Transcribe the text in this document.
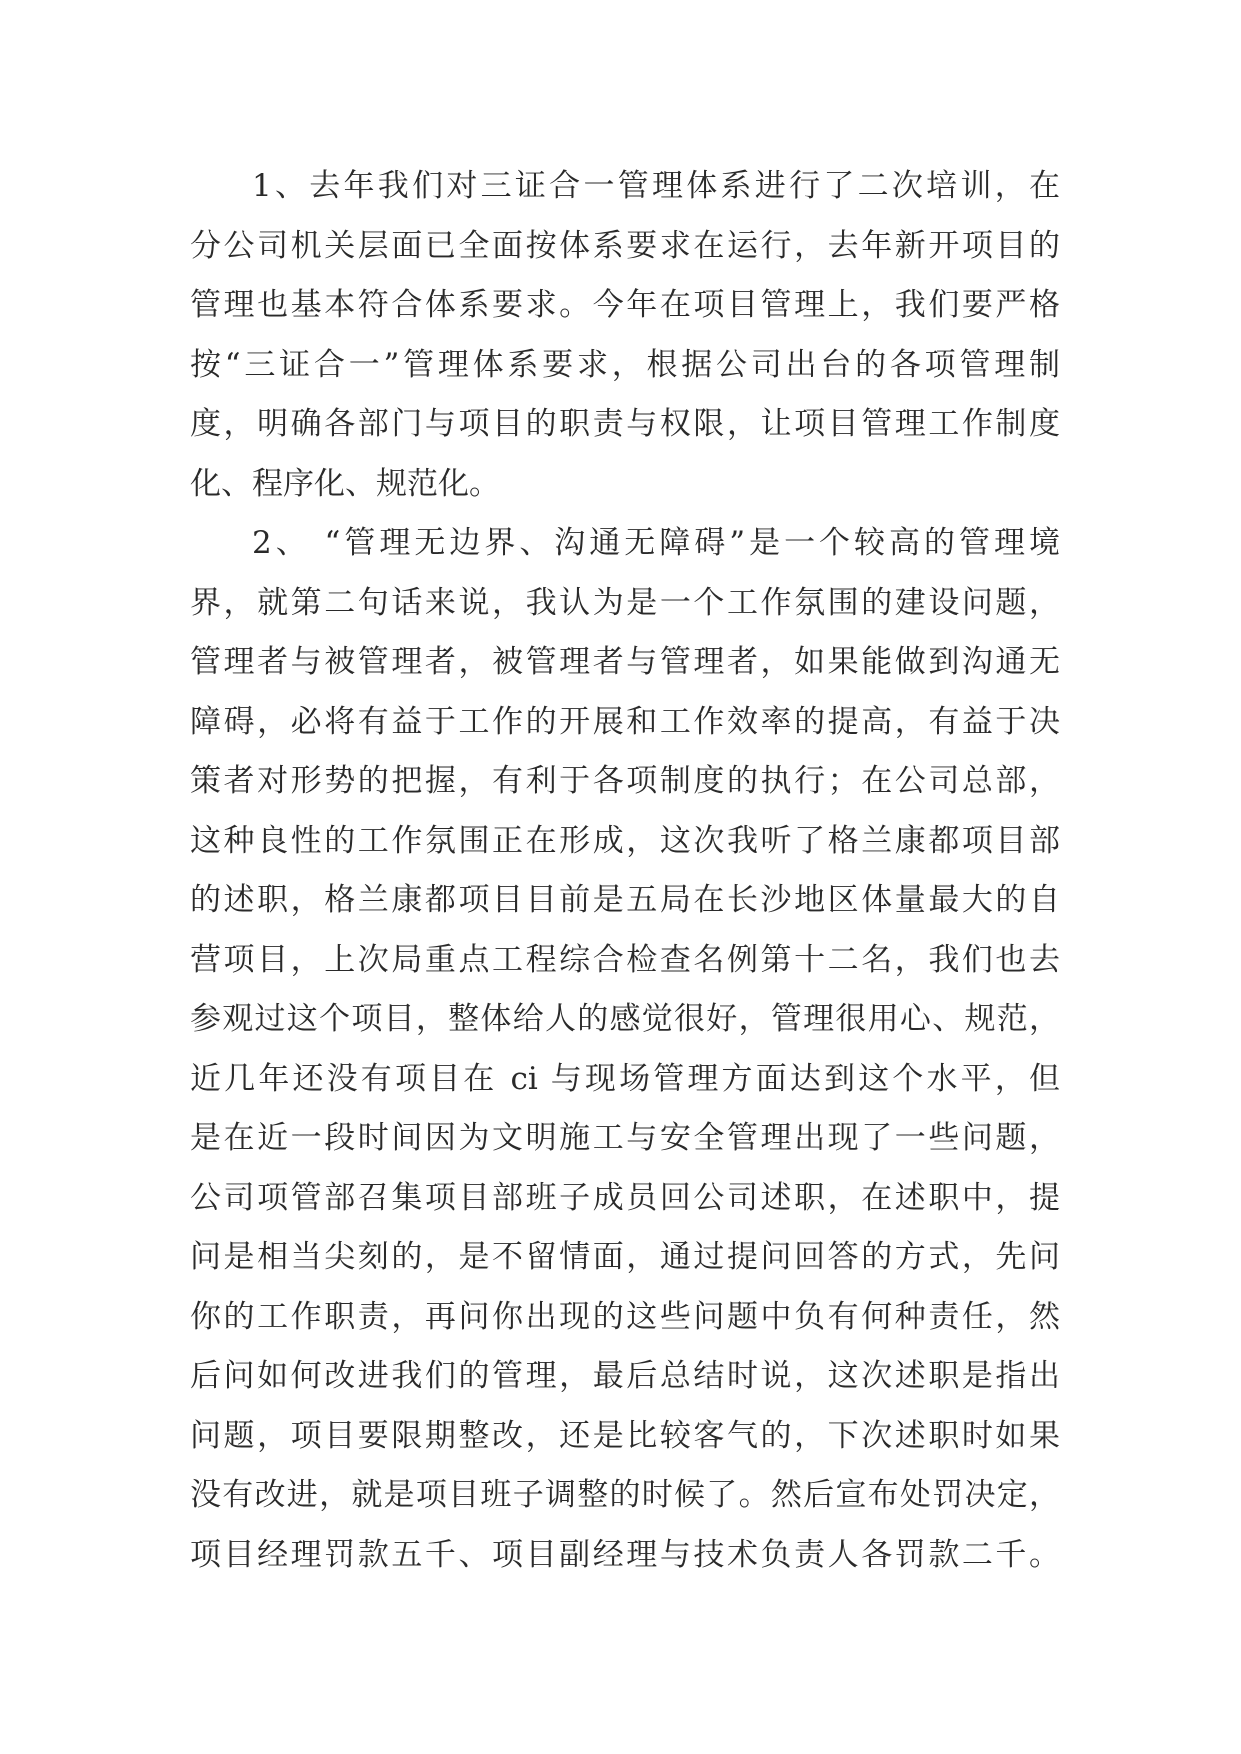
1、去年我们对三证合一管理体系进行了二次培训，在
分公司机关层面已全面按体系要求在运行，去年新开项目的
管理也基本符合体系要求。今年在项目管理上，我们要严格
按“三证合一”管理体系要求，根据公司出台的各项管理制
度，明确各部门与项目的职责与权限，让项目管理工作制度
化、程序化、规范化。
2、 “管理无边界、沟通无障碍”是一个较高的管理境
界，就第二句话来说，我认为是一个工作氛围的建设问题，
管理者与被管理者，被管理者与管理者，如果能做到沟通无
障碍，必将有益于工作的开展和工作效率的提高，有益于决
策者对形势的把握，有利于各项制度的执行；在公司总部，
这种良性的工作氛围正在形成，这次我听了格兰康都项目部
的述职，格兰康都项目目前是五局在长沙地区体量最大的自
营项目，上次局重点工程综合检查名例第十二名，我们也去
参观过这个项目，整体给人的感觉很好，管理很用心、规范，
近几年还没有项目在 ci 与现场管理方面达到这个水平，但
是在近一段时间因为文明施工与安全管理出现了一些问题，
公司项管部召集项目部班子成员回公司述职，在述职中，提
问是相当尖刻的，是不留情面，通过提问回答的方式，先问
你的工作职责，再问你出现的这些问题中负有何种责任，然
后问如何改进我们的管理，最后总结时说，这次述职是指出
问题，项目要限期整改，还是比较客气的，下次述职时如果
没有改进，就是项目班子调整的时候了。然后宣布处罚决定，
项目经理罚款五千、项目副经理与技术负责人各罚款二千。
